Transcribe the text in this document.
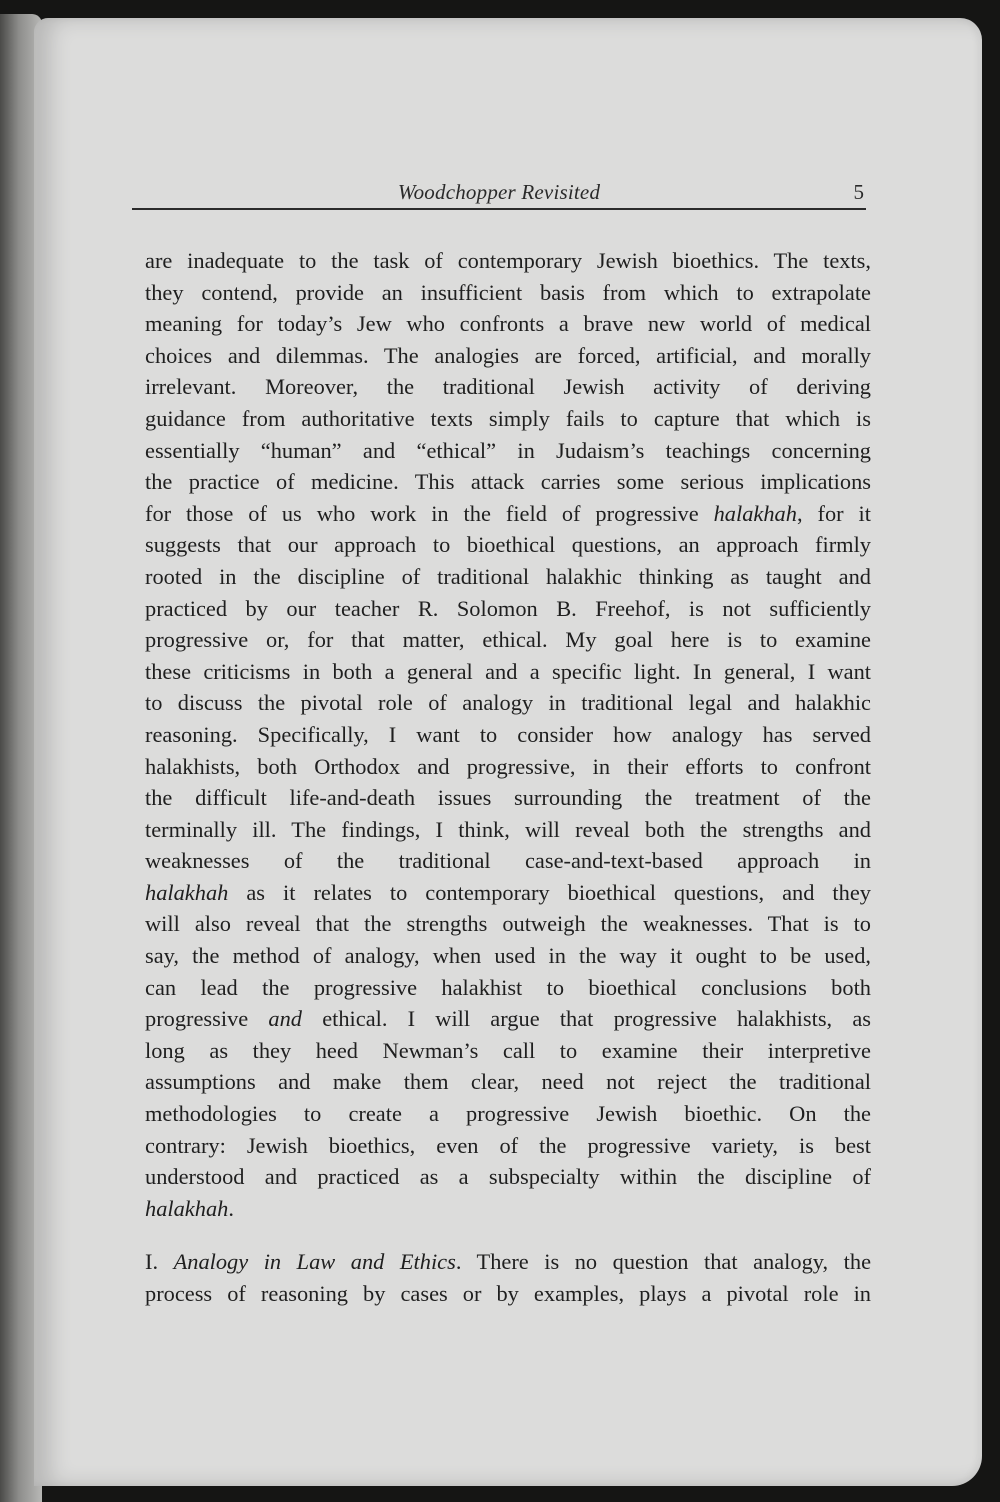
Woodchopper Revisited	5
are inadequate to the task of contemporary Jewish bioethics. The texts,
they contend, provide an insufficient basis from which to extrapolate
meaning for today’s Jew who confronts a brave new world of medical
choices and dilemmas. The analogies are forced, artificial, and morally
irrelevant. Moreover, the traditional Jewish activity of deriving
guidance from authoritative texts simply fails to capture that which is
essentially “human” and “ethical” in Judaism’s teachings concerning
the practice of medicine. This attack carries some serious implications
for those of us who work in the field of progressive halakhah, for it
suggests that our approach to bioethical questions, an approach firmly
rooted in the discipline of traditional halakhic thinking as taught and
practiced by our teacher R. Solomon B. Freehof, is not sufficiently
progressive or, for that matter, ethical. My goal here is to examine
these criticisms in both a general and a specific light. In general, I want
to discuss the pivotal role of analogy in traditional legal and halakhic
reasoning. Specifically, I want to consider how analogy has served
halakhists, both Orthodox and progressive, in their efforts to confront
the difficult life-and-death issues surrounding the treatment of the
terminally ill. The findings, I think, will reveal both the strengths and
weaknesses of the traditional case-and-text-based approach in
halakhah as it relates to contemporary bioethical questions, and they
will also reveal that the strengths outweigh the weaknesses. That is to
say, the method of analogy, when used in the way it ought to be used,
can lead the progressive halakhist to bioethical conclusions both
progressive and ethical. I will argue that progressive halakhists, as
long as they heed Newman’s call to examine their interpretive
assumptions and make them clear, need not reject the traditional
methodologies to create a progressive Jewish bioethic. On the
contrary: Jewish bioethics, even of the progressive variety, is best
understood and practiced as a subspecialty within the discipline of
halakhah.
I. Analogy in Law and Ethics. There is no question that analogy, the
process of reasoning by cases or by examples, plays a pivotal role in
